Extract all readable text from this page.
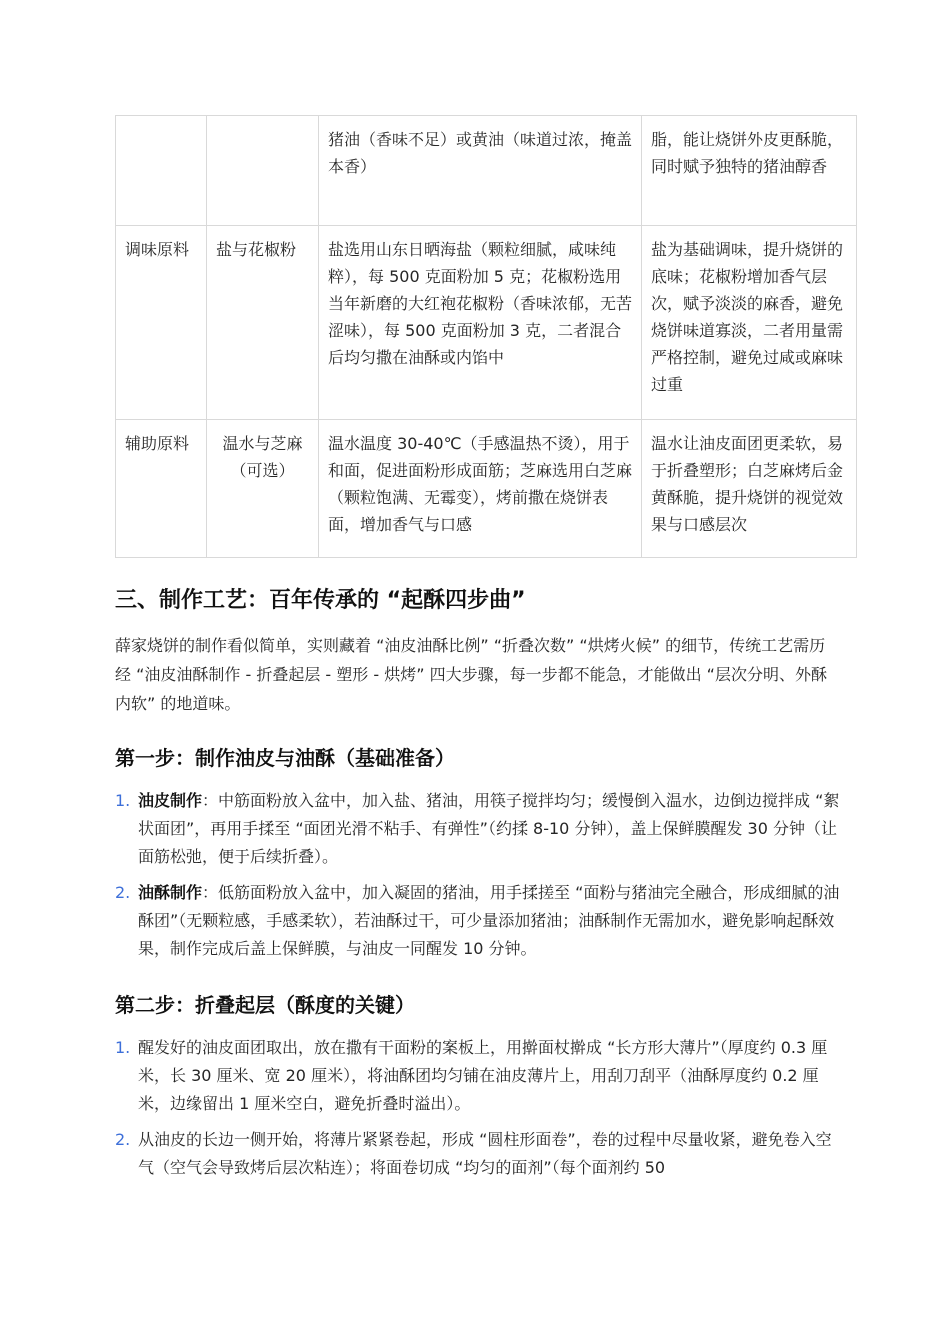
		猪油（香味不足）或黄油（味道过浓，掩盖本香）	脂，能让烧饼外皮更酥脆，同时赋予独特的猪油醇香
调味原料	盐与花椒粉	盐选用山东日晒海盐（颗粒细腻，咸味纯粹），每 500 克面粉加 5 克；花椒粉选用当年新磨的大红袍花椒粉（香味浓郁，无苦涩味），每 500 克面粉加 3 克，二者混合后均匀撒在油酥或内馅中	盐为基础调味，提升烧饼的底味；花椒粉增加香气层次，赋予淡淡的麻香，避免烧饼味道寡淡，二者用量需严格控制，避免过咸或麻味过重
辅助原料	温水与芝麻（可选）	温水温度 30-40℃（手感温热不烫），用于和面，促进面粉形成面筋；芝麻选用白芝麻（颗粒饱满、无霉变），烤前撒在烧饼表面，增加香气与口感	温水让油皮面团更柔软，易于折叠塑形；白芝麻烤后金黄酥脆，提升烧饼的视觉效果与口感层次
三、制作工艺：百年传承的 “起酥四步曲”

薛家烧饼的制作看似简单，实则藏着 “油皮油酥比例” “折叠次数” “烘烤火候” 的细节，传统工艺需历经 “油皮油酥制作 - 折叠起层 - 塑形 - 烘烤” 四大步骤，每一步都不能急，才能做出 “层次分明、外酥内软” 的地道味。

第一步：制作油皮与油酥（基础准备）
1. 油皮制作：中筋面粉放入盆中，加入盐、猪油，用筷子搅拌均匀；缓慢倒入温水，边倒边搅拌成 “絮状面团”，再用手揉至 “面团光滑不粘手、有弹性”（约揉 8-10 分钟），盖上保鲜膜醒发 30 分钟（让面筋松弛，便于后续折叠）。
2. 油酥制作：低筋面粉放入盆中，加入凝固的猪油，用手揉搓至 “面粉与猪油完全融合，形成细腻的油酥团”（无颗粒感，手感柔软），若油酥过干，可少量添加猪油；油酥制作无需加水，避免影响起酥效果，制作完成后盖上保鲜膜，与油皮一同醒发 10 分钟。
第二步：折叠起层（酥度的关键）
1. 醒发好的油皮面团取出，放在撒有干面粉的案板上，用擀面杖擀成 “长方形大薄片”（厚度约 0.3 厘米，长 30 厘米、宽 20 厘米），将油酥团均匀铺在油皮薄片上，用刮刀刮平（油酥厚度约 0.2 厘米，边缘留出 1 厘米空白，避免折叠时溢出）。
2. 从油皮的长边一侧开始，将薄片紧紧卷起，形成 “圆柱形面卷”，卷的过程中尽量收紧，避免卷入空气（空气会导致烤后层次粘连）；将面卷切成 “均匀的面剂”（每个面剂约 50
